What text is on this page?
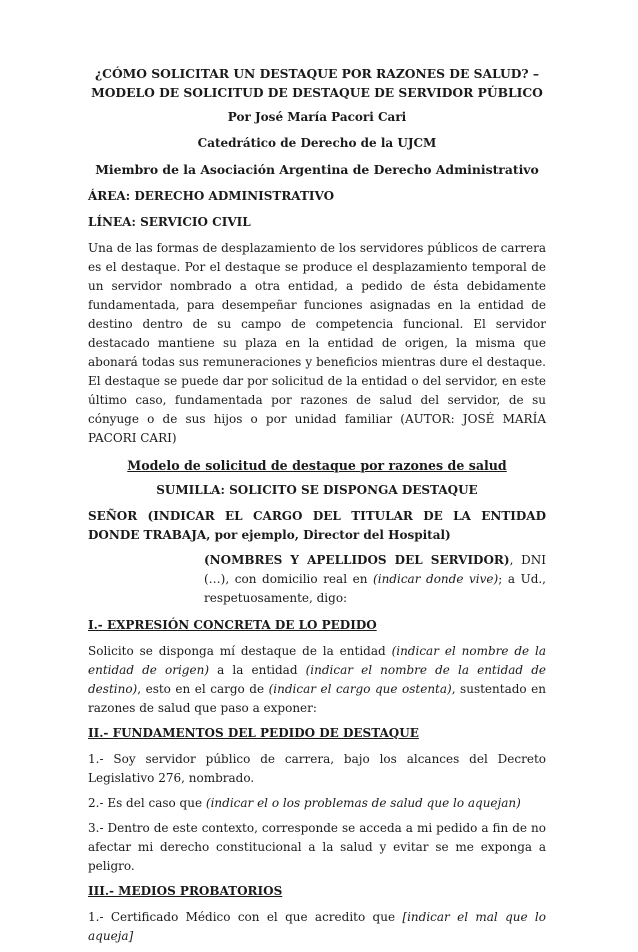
¿CÓMO SOLICITAR UN DESTAQUE POR RAZONES DE SALUD? – MODELO DE SOLICITUD DE DESTAQUE DE SERVIDOR PÚBLICO
Por José María Pacori Cari
Catedrático de Derecho de la UJCM
Miembro de la Asociación Argentina de Derecho Administrativo
ÁREA: DERECHO ADMINISTRATIVO
LÍNEA: SERVICIO CIVIL

Una de las formas de desplazamiento de los servidores públicos de carrera es el destaque. Por el destaque se produce el desplazamiento temporal de un servidor nombrado a otra entidad, a pedido de ésta debidamente fundamentada, para desempeñar funciones asignadas en la entidad de destino dentro de su campo de competencia funcional. El servidor destacado mantiene su plaza en la entidad de origen, la misma que abonará todas sus remuneraciones y beneficios mientras dure el destaque. El destaque se puede dar por solicitud de la entidad o del servidor, en este último caso, fundamentada por razones de salud del servidor, de su cónyuge o de sus hijos o por unidad familiar (AUTOR: JOSÉ MARÍA PACORI CARI)

Modelo de solicitud de destaque por razones de salud
SUMILLA: SOLICITO SE DISPONGA DESTAQUE
SEÑOR (INDICAR EL CARGO DEL TITULAR DE LA ENTIDAD DONDE TRABAJA, por ejemplo, Director del Hospital)
(NOMBRES Y APELLIDOS DEL SERVIDOR), DNI (…), con domicilio real en (indicar donde vive); a Ud., respetuosamente, digo:
I.- EXPRESIÓN CONCRETA DE LO PEDIDO
Solicito se disponga mí destaque de la entidad (indicar el nombre de la entidad de origen) a la entidad (indicar el nombre de la entidad de destino), esto en el cargo de (indicar el cargo que ostenta), sustentado en razones de salud que paso a exponer:
II.- FUNDAMENTOS DEL PEDIDO DE DESTAQUE
1.- Soy servidor público de carrera, bajo los alcances del Decreto Legislativo 276, nombrado.
2.- Es del caso que (indicar el o los problemas de salud que lo aquejan)
3.- Dentro de este contexto, corresponde se acceda a mi pedido a fin de no afectar mi derecho constitucional a la salud y evitar se me exponga a peligro.
III.- MEDIOS PROBATORIOS
1.- Certificado Médico con el que acredito que [indicar el mal que lo aqueja]
